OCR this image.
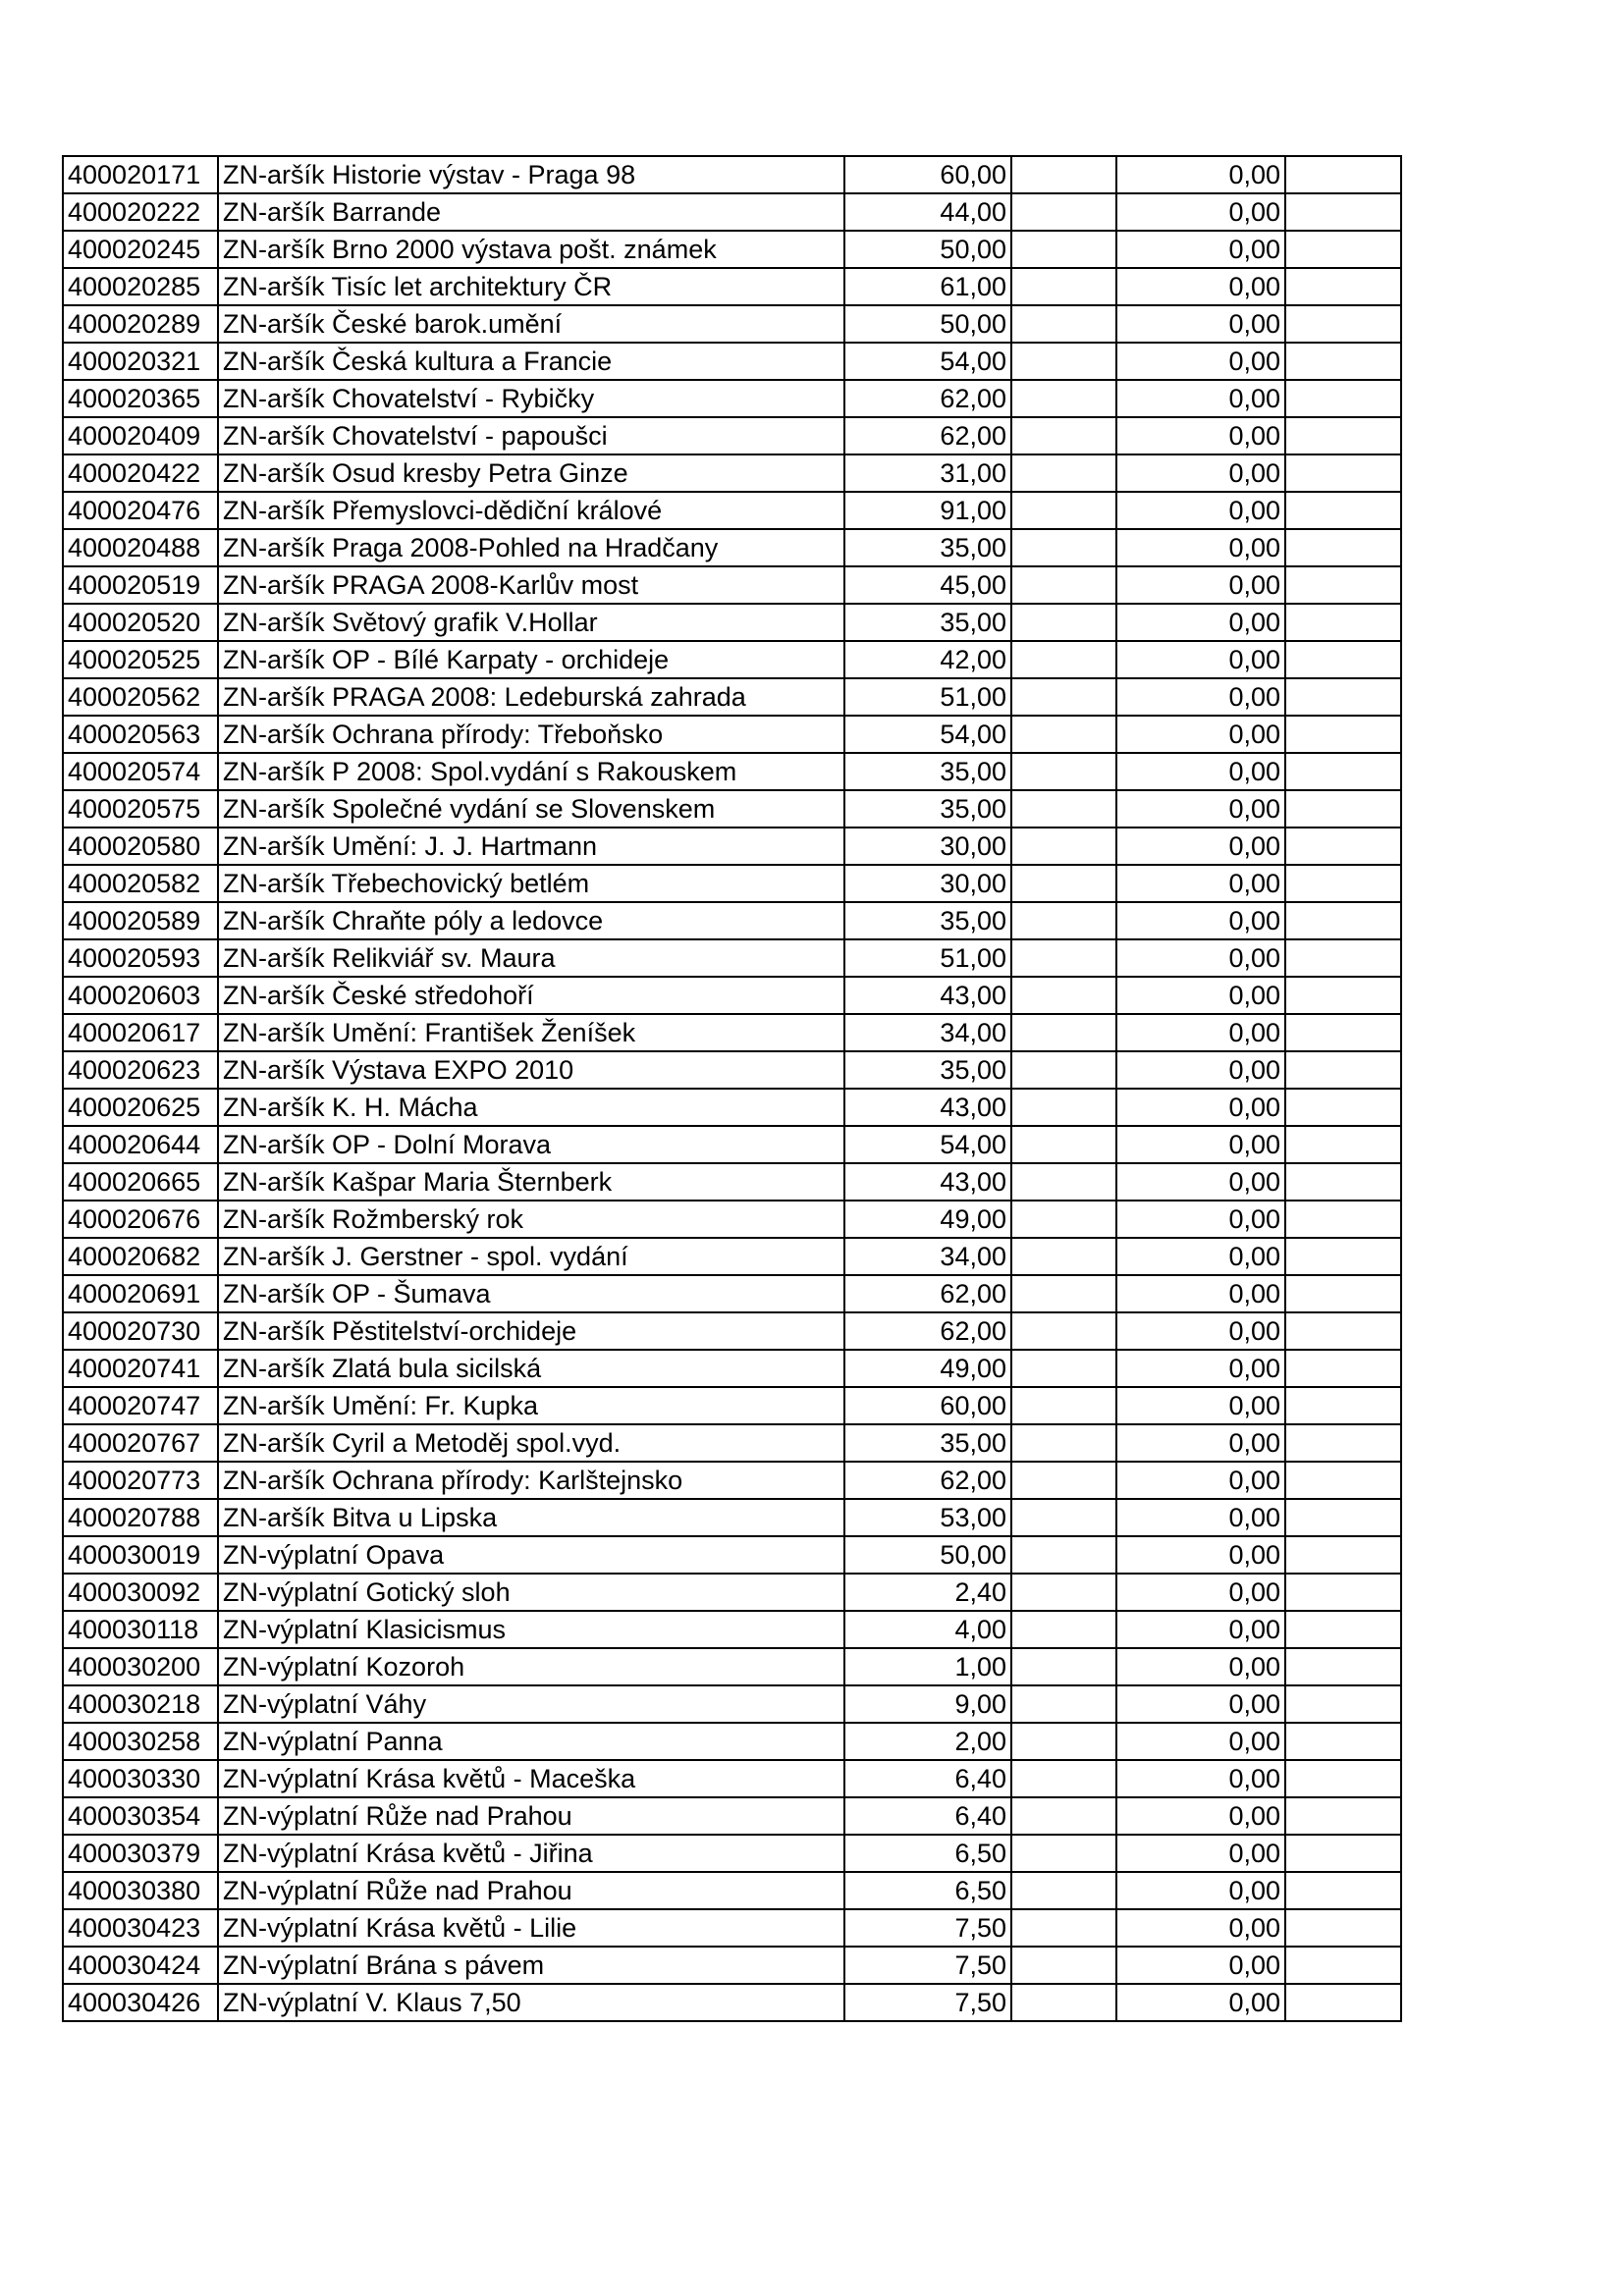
400020171	ZN-aršík Historie výstav - Praga 98	60,00		0,00	
400020222	ZN-aršík Barrande	44,00		0,00	
400020245	ZN-aršík Brno 2000 výstava pošt. známek	50,00		0,00	
400020285	ZN-aršík Tisíc let architektury ČR	61,00		0,00	
400020289	ZN-aršík České barok.umění	50,00		0,00	
400020321	ZN-aršík Česká kultura a Francie	54,00		0,00	
400020365	ZN-aršík Chovatelství - Rybičky	62,00		0,00	
400020409	ZN-aršík Chovatelství - papoušci	62,00		0,00	
400020422	ZN-aršík Osud kresby Petra Ginze	31,00		0,00	
400020476	ZN-aršík Přemyslovci-dědiční králové	91,00		0,00	
400020488	ZN-aršík Praga 2008-Pohled na Hradčany	35,00		0,00	
400020519	ZN-aršík PRAGA 2008-Karlův most	45,00		0,00	
400020520	ZN-aršík Světový grafik V.Hollar	35,00		0,00	
400020525	ZN-aršík OP - Bílé Karpaty - orchideje	42,00		0,00	
400020562	ZN-aršík PRAGA 2008: Ledeburská zahrada	51,00		0,00	
400020563	ZN-aršík Ochrana přírody: Třeboňsko	54,00		0,00	
400020574	ZN-aršík P 2008: Spol.vydání s Rakouskem	35,00		0,00	
400020575	ZN-aršík Společné vydání se Slovenskem	35,00		0,00	
400020580	ZN-aršík Umění: J. J. Hartmann	30,00		0,00	
400020582	ZN-aršík Třebechovický betlém	30,00		0,00	
400020589	ZN-aršík Chraňte póly a ledovce	35,00		0,00	
400020593	ZN-aršík Relikviář sv. Maura	51,00		0,00	
400020603	ZN-aršík České středohoří	43,00		0,00	
400020617	ZN-aršík Umění: František Ženíšek	34,00		0,00	
400020623	ZN-aršík Výstava EXPO 2010	35,00		0,00	
400020625	ZN-aršík K. H. Mácha	43,00		0,00	
400020644	ZN-aršík OP - Dolní Morava	54,00		0,00	
400020665	ZN-aršík Kašpar Maria Šternberk	43,00		0,00	
400020676	ZN-aršík Rožmberský rok	49,00		0,00	
400020682	ZN-aršík J. Gerstner - spol. vydání	34,00		0,00	
400020691	ZN-aršík OP - Šumava	62,00		0,00	
400020730	ZN-aršík Pěstitelství-orchideje	62,00		0,00	
400020741	ZN-aršík Zlatá bula sicilská	49,00		0,00	
400020747	ZN-aršík Umění: Fr. Kupka	60,00		0,00	
400020767	ZN-aršík Cyril a Metoděj spol.vyd.	35,00		0,00	
400020773	ZN-aršík Ochrana přírody: Karlštejnsko	62,00		0,00	
400020788	ZN-aršík Bitva u Lipska	53,00		0,00	
400030019	ZN-výplatní Opava	50,00		0,00	
400030092	ZN-výplatní Gotický sloh	2,40		0,00	
400030118	ZN-výplatní Klasicismus	4,00		0,00	
400030200	ZN-výplatní Kozoroh	1,00		0,00	
400030218	ZN-výplatní Váhy	9,00		0,00	
400030258	ZN-výplatní Panna	2,00		0,00	
400030330	ZN-výplatní Krása květů - Maceška	6,40		0,00	
400030354	ZN-výplatní Růže nad Prahou	6,40		0,00	
400030379	ZN-výplatní Krása květů - Jiřina	6,50		0,00	
400030380	ZN-výplatní Růže nad Prahou	6,50		0,00	
400030423	ZN-výplatní Krása květů - Lilie	7,50		0,00	
400030424	ZN-výplatní Brána s pávem	7,50		0,00	
400030426	ZN-výplatní V. Klaus 7,50	7,50		0,00	
